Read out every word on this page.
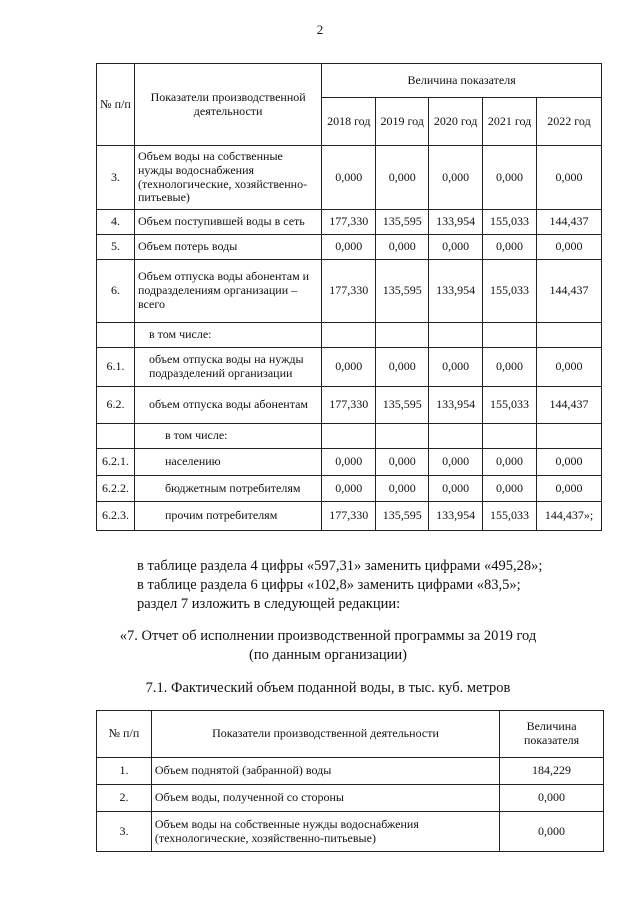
2
№ п/п	Показатели производственной деятельности	Величина показателя				
		2018 год	2019 год	2020 год	2021 год	2022 год
3.	Объем воды на собственные нужды водоснабжения (технологические, хозяйственно-питьевые)	0,000	0,000	0,000	0,000	0,000
4.	Объем поступившей воды в сеть	177,330	135,595	133,954	155,033	144,437
5.	Объем потерь воды	0,000	0,000	0,000	0,000	0,000
6.	Объем отпуска воды абонентам и подразделениям организации – всего	177,330	135,595	133,954	155,033	144,437
	в том числе:					
6.1.	объем отпуска воды на нужды подразделений организации	0,000	0,000	0,000	0,000	0,000
6.2.	объем отпуска воды абонентам	177,330	135,595	133,954	155,033	144,437
	в том числе:					
6.2.1.	населению	0,000	0,000	0,000	0,000	0,000
6.2.2.	бюджетным потребителям	0,000	0,000	0,000	0,000	0,000
6.2.3.	прочим потребителям	177,330	135,595	133,954	155,033	144,437»;
в таблице раздела 4 цифры «597,31» заменить цифрами «495,28»;
в таблице раздела 6 цифры «102,8» заменить цифрами «83,5»;
раздел 7 изложить в следующей редакции:
«7. Отчет об исполнении производственной программы за 2019 год
(по данным организации)
7.1. Фактический объем поданной воды, в тыс. куб. метров
№ п/п	Показатели производственной деятельности	Величина показателя
1.	Объем поднятой (забранной) воды	184,229
2.	Объем воды, полученной со стороны	0,000
3.	Объем воды на собственные нужды водоснабжения (технологические, хозяйственно-питьевые)	0,000
